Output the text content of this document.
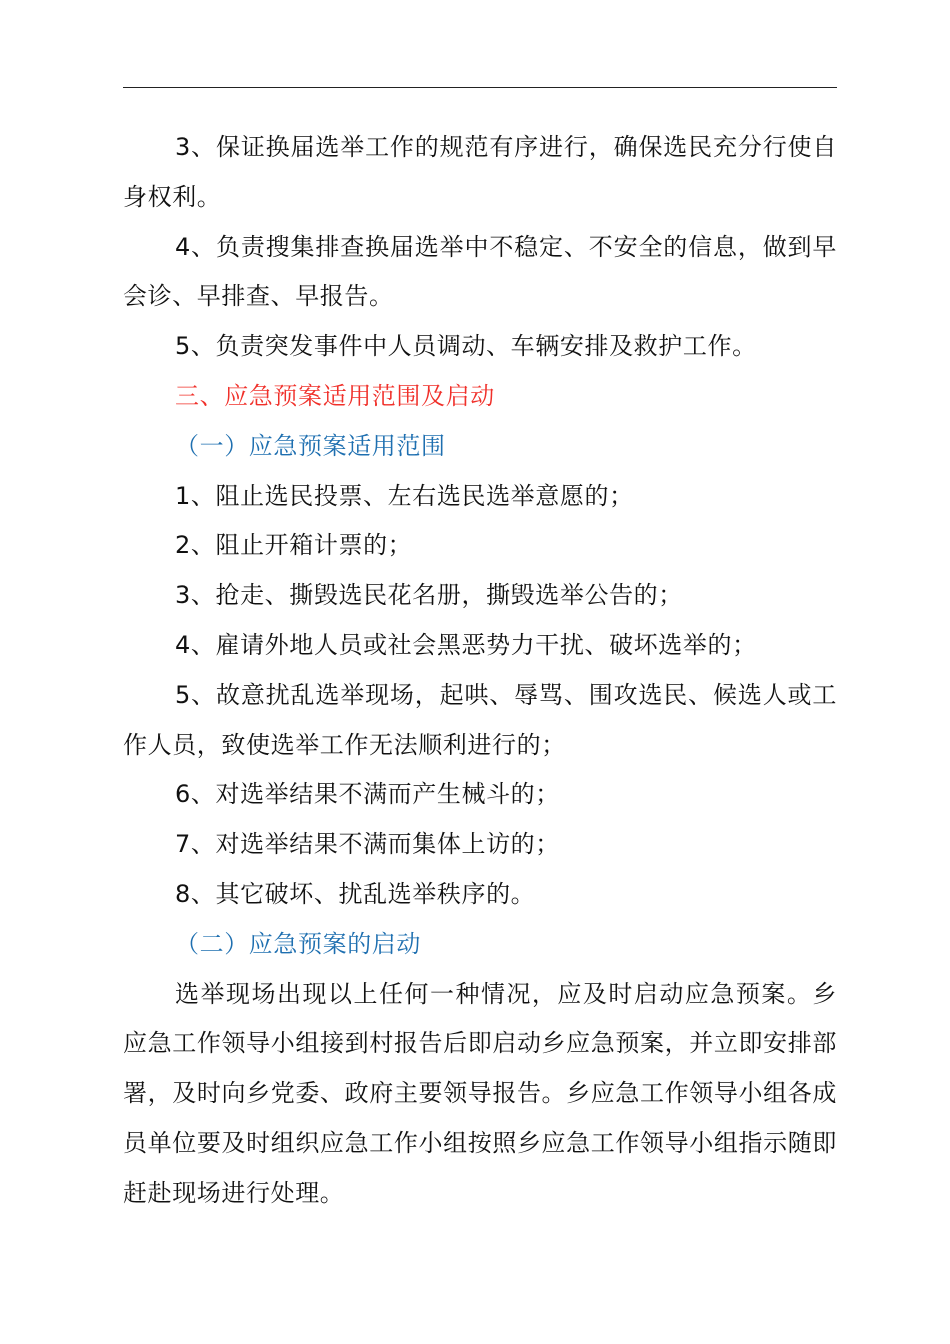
3、保证换届选举工作的规范有序进行，确保选民充分行使自身权利。

4、负责搜集排查换届选举中不稳定、不安全的信息，做到早会诊、早排查、早报告。

5、负责突发事件中人员调动、车辆安排及救护工作。

三、应急预案适用范围及启动

（一）应急预案适用范围

1、阻止选民投票、左右选民选举意愿的；

2、阻止开箱计票的；

3、抢走、撕毁选民花名册，撕毁选举公告的；

4、雇请外地人员或社会黑恶势力干扰、破坏选举的；

5、故意扰乱选举现场，起哄、辱骂、围攻选民、候选人或工作人员，致使选举工作无法顺利进行的；

6、对选举结果不满而产生械斗的；

7、对选举结果不满而集体上访的；

8、其它破坏、扰乱选举秩序的。

（二）应急预案的启动

选举现场出现以上任何一种情况，应及时启动应急预案。乡应急工作领导小组接到村报告后即启动乡应急预案，并立即安排部署，及时向乡党委、政府主要领导报告。乡应急工作领导小组各成员单位要及时组织应急工作小组按照乡应急工作领导小组指示随即赶赴现场进行处理。
